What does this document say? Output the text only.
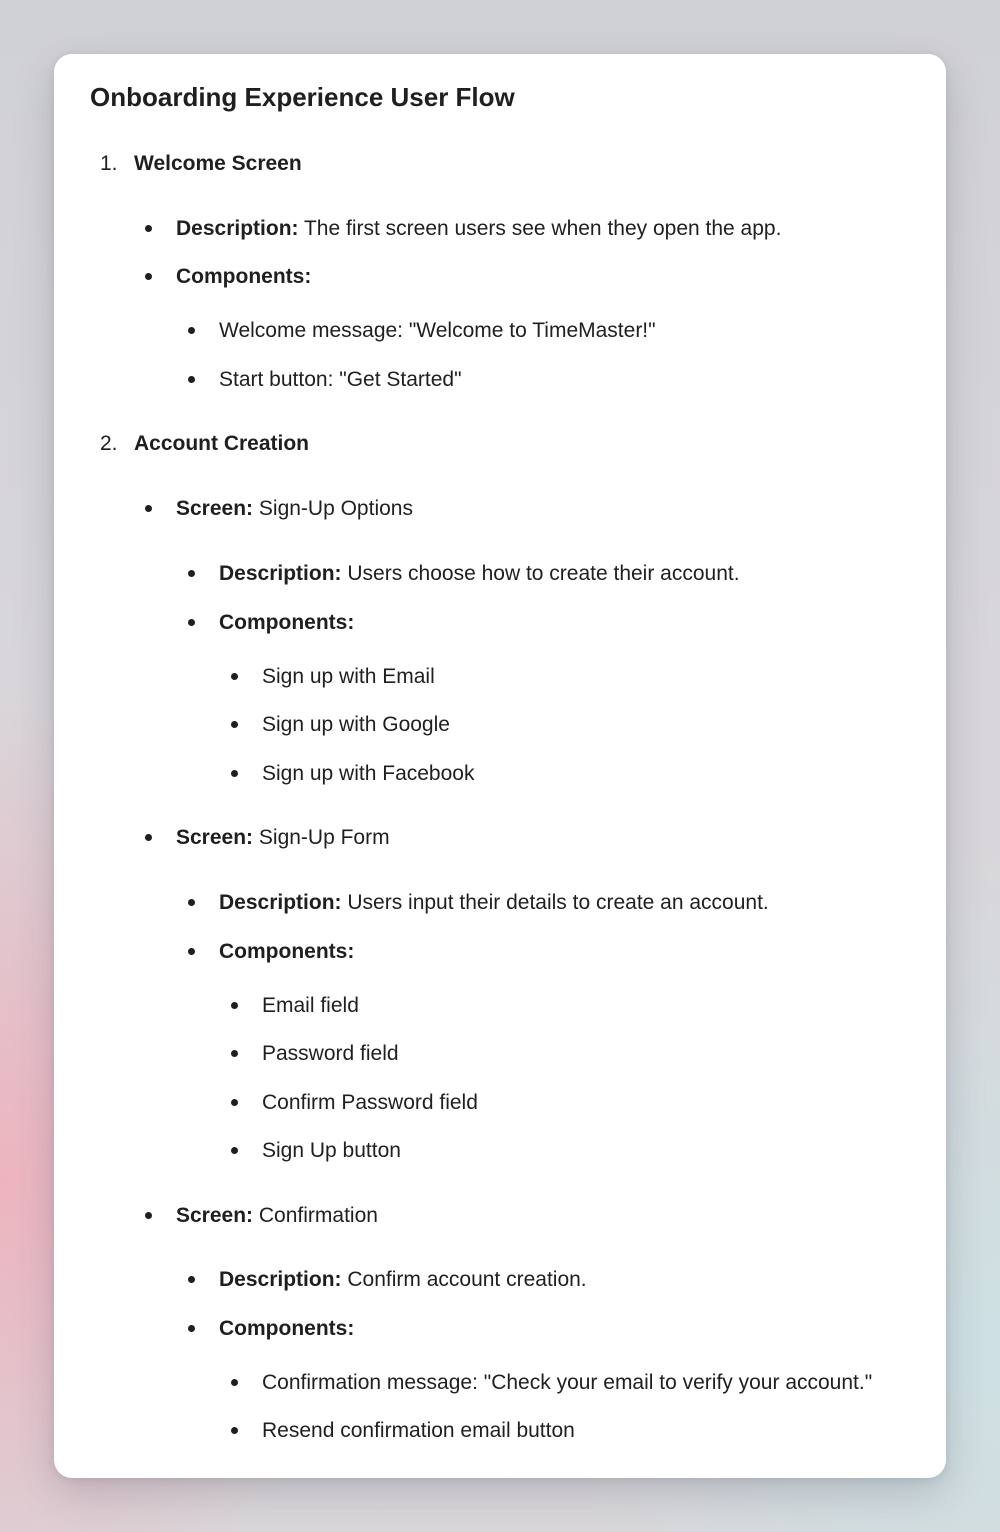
Onboarding Experience User Flow
1. Welcome Screen
Description: The first screen users see when they open the app.
Components:
Welcome message: "Welcome to TimeMaster!"
Start button: "Get Started"
2. Account Creation
Screen: Sign-Up Options
Description: Users choose how to create their account.
Components:
Sign up with Email
Sign up with Google
Sign up with Facebook
Screen: Sign-Up Form
Description: Users input their details to create an account.
Components:
Email field
Password field
Confirm Password field
Sign Up button
Screen: Confirmation
Description: Confirm account creation.
Components:
Confirmation message: "Check your email to verify your account."
Resend confirmation email button
